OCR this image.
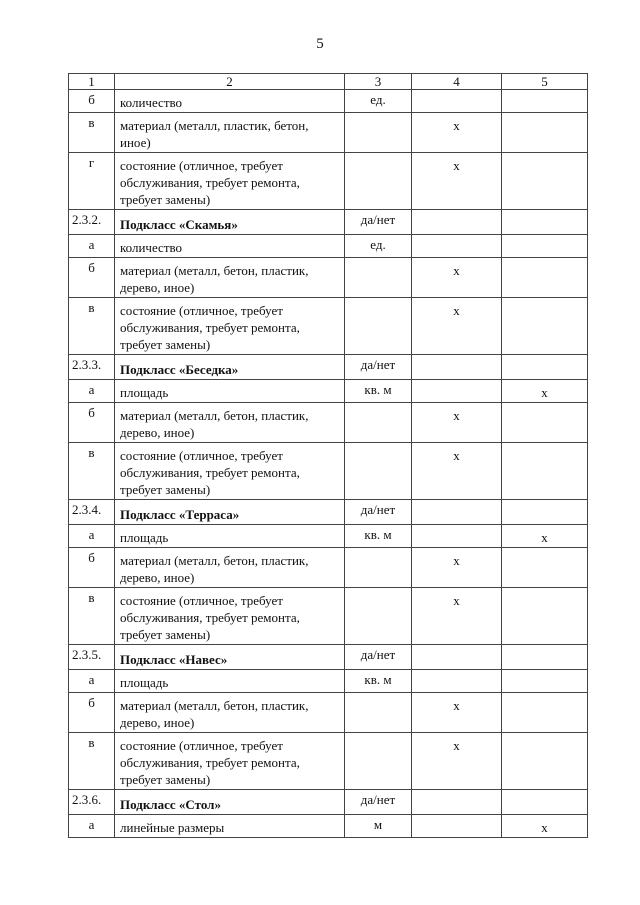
5
1	2	3	4	5
б	количество	ед.		
в	материал (металл, пластик, бетон, иное)		х	
г	состояние (отличное, требует обслуживания, требует ремонта, требует замены)		х	
2.3.2.	Подкласс «Скамья»	да/нет		
а	количество	ед.		
б	материал (металл, бетон, пластик, дерево, иное)		х	
в	состояние (отличное, требует обслуживания, требует ремонта, требует замены)		х	
2.3.3.	Подкласс «Беседка»	да/нет		
а	площадь	кв. м		х
б	материал (металл, бетон, пластик, дерево, иное)		х	
в	состояние (отличное, требует обслуживания, требует ремонта, требует замены)		х	
2.3.4.	Подкласс «Терраса»	да/нет		
а	площадь	кв. м		х
б	материал (металл, бетон, пластик, дерево, иное)		х	
в	состояние (отличное, требует обслуживания, требует ремонта, требует замены)		х	
2.3.5.	Подкласс «Навес»	да/нет		
а	площадь	кв. м		
б	материал (металл, бетон, пластик, дерево, иное)		х	
в	состояние (отличное, требует обслуживания, требует ремонта, требует замены)		х	
2.3.6.	Подкласс «Стол»	да/нет		
а	линейные размеры	м		х
